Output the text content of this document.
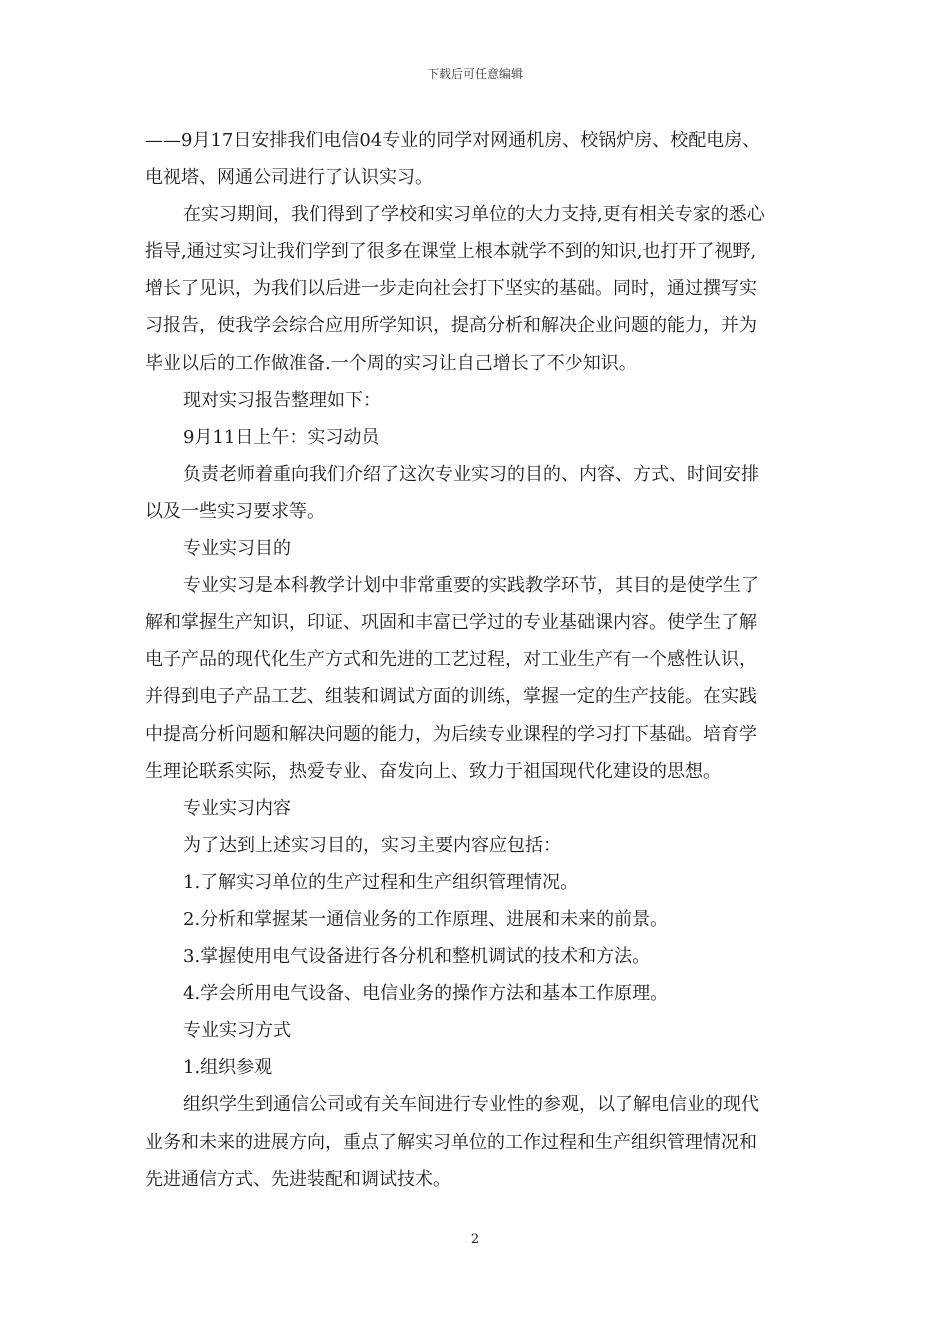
下载后可任意编辑
——9月17日安排我们电信04专业的同学对网通机房、校锅炉房、校配电房、
电视塔、网通公司进行了认识实习。
在实习期间，我们得到了学校和实习单位的大力支持,更有相关专家的悉心
指导,通过实习让我们学到了很多在课堂上根本就学不到的知识,也打开了视野,
增长了见识，为我们以后进一步走向社会打下坚实的基础。同时，通过撰写实
习报告，使我学会综合应用所学知识，提高分析和解决企业问题的能力，并为
毕业以后的工作做准备.一个周的实习让自己增长了不少知识。
现对实习报告整理如下：
9月11日上午：实习动员
负责老师着重向我们介绍了这次专业实习的目的、内容、方式、时间安排
以及一些实习要求等。
专业实习目的
专业实习是本科教学计划中非常重要的实践教学环节，其目的是使学生了
解和掌握生产知识，印证、巩固和丰富已学过的专业基础课内容。使学生了解
电子产品的现代化生产方式和先进的工艺过程，对工业生产有一个感性认识，
并得到电子产品工艺、组装和调试方面的训练，掌握一定的生产技能。在实践
中提高分析问题和解决问题的能力，为后续专业课程的学习打下基础。培育学
生理论联系实际，热爱专业、奋发向上、致力于祖国现代化建设的思想。
专业实习内容
为了达到上述实习目的，实习主要内容应包括：
1.了解实习单位的生产过程和生产组织管理情况。
2.分析和掌握某一通信业务的工作原理、进展和未来的前景。
3.掌握使用电气设备进行各分机和整机调试的技术和方法。
4.学会所用电气设备、电信业务的操作方法和基本工作原理。
专业实习方式
1.组织参观
组织学生到通信公司或有关车间进行专业性的参观，以了解电信业的现代
业务和未来的进展方向，重点了解实习单位的工作过程和生产组织管理情况和
先进通信方式、先进装配和调试技术。
2
